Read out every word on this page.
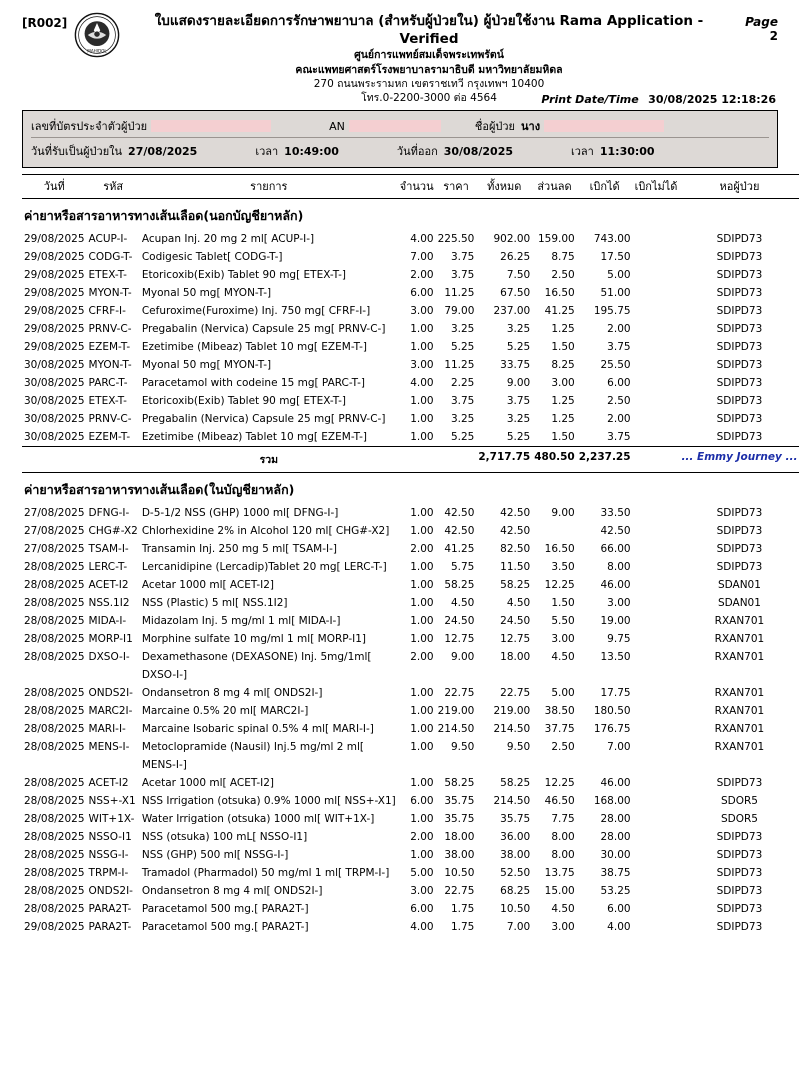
[R002]
MAHIDOL
ใบแสดงรายละเอียดการรักษาพยาบาล (สำหรับผู้ป่วยใน) ผู้ป่วยใช้งาน Rama Application - Verified
ศูนย์การแพทย์สมเด็จพระเทพรัตน์
คณะแพทยศาสตร์โรงพยาบาลรามาธิบดี มหาวิทยาลัยมหิดล
270 ถนนพระรามหก เขตราชเทวี กรุงเทพฯ 10400
โทร.0-2200-3000 ต่อ 4564
Page 2
Print Date/Time 30/08/2025 12:18:26
เลขที่บัตรประจำตัวผู้ป่วย	AN	ชื่อผู้ป่วย นาง
วันที่รับเป็นผู้ป่วยใน 27/08/2025	เวลา 10:49:00	วันที่ออก 30/08/2025	เวลา 11:30:00
วันที่	รหัส	รายการ	จำนวน	ราคา	ทั้งหมด	ส่วนลด	เบิกได้	เบิกไม่ได้	หอผู้ป่วย
ค่ายาหรือสารอาหารทางเส้นเลือด(นอกบัญชียาหลัก)									
29/08/2025	ACUP-I-	Acupan Inj. 20 mg 2 ml[ ACUP-I-]	4.00	225.50	902.00	159.00	743.00		SDIPD73
29/08/2025	CODG-T-	Codigesic Tablet[ CODG-T-]	7.00	3.75	26.25	8.75	17.50		SDIPD73
29/08/2025	ETEX-T-	Etoricoxib(Exib) Tablet 90 mg[ ETEX-T-]	2.00	3.75	7.50	2.50	5.00		SDIPD73
29/08/2025	MYON-T-	Myonal 50 mg[ MYON-T-]	6.00	11.25	67.50	16.50	51.00		SDIPD73
29/08/2025	CFRF-I-	Cefuroxime(Furoxime) Inj. 750 mg[ CFRF-I-]	3.00	79.00	237.00	41.25	195.75		SDIPD73
29/08/2025	PRNV-C-	Pregabalin (Nervica) Capsule 25 mg[ PRNV-C-]	1.00	3.25	3.25	1.25	2.00		SDIPD73
29/08/2025	EZEM-T-	Ezetimibe (Mibeaz) Tablet 10 mg[ EZEM-T-]	1.00	5.25	5.25	1.50	3.75		SDIPD73
30/08/2025	MYON-T-	Myonal 50 mg[ MYON-T-]	3.00	11.25	33.75	8.25	25.50		SDIPD73
30/08/2025	PARC-T-	Paracetamol with codeine 15 mg[ PARC-T-]	4.00	2.25	9.00	3.00	6.00		SDIPD73
30/08/2025	ETEX-T-	Etoricoxib(Exib) Tablet 90 mg[ ETEX-T-]	1.00	3.75	3.75	1.25	2.50		SDIPD73
30/08/2025	PRNV-C-	Pregabalin (Nervica) Capsule 25 mg[ PRNV-C-]	1.00	3.25	3.25	1.25	2.00		SDIPD73
30/08/2025	EZEM-T-	Ezetimibe (Mibeaz) Tablet 10 mg[ EZEM-T-]	1.00	5.25	5.25	1.50	3.75		SDIPD73
		รวม			2,717.75	480.50	2,237.25		... Emmy Journey ...
ค่ายาหรือสารอาหารทางเส้นเลือด(ในบัญชียาหลัก)									
27/08/2025	DFNG-I-	D-5-1/2 NSS (GHP) 1000 ml[ DFNG-I-]	1.00	42.50	42.50	9.00	33.50		SDIPD73
27/08/2025	CHG#-X2	Chlorhexidine 2% in Alcohol 120 ml[ CHG#-X2]	1.00	42.50	42.50		42.50		SDIPD73
27/08/2025	TSAM-I-	Transamin Inj. 250 mg 5 ml[ TSAM-I-]	2.00	41.25	82.50	16.50	66.00		SDIPD73
28/08/2025	LERC-T-	Lercanidipine (Lercadip)Tablet 20 mg[ LERC-T-]	1.00	5.75	11.50	3.50	8.00		SDIPD73
28/08/2025	ACET-I2	Acetar 1000 ml[ ACET-I2]	1.00	58.25	58.25	12.25	46.00		SDAN01
28/08/2025	NSS.1I2	NSS (Plastic) 5 ml[ NSS.1I2]	1.00	4.50	4.50	1.50	3.00		SDAN01
28/08/2025	MIDA-I-	Midazolam Inj. 5 mg/ml 1 ml[ MIDA-I-]	1.00	24.50	24.50	5.50	19.00		RXAN701
28/08/2025	MORP-I1	Morphine sulfate 10 mg/ml 1 ml[ MORP-I1]	1.00	12.75	12.75	3.00	9.75		RXAN701
28/08/2025	DXSO-I-	Dexamethasone (DEXASONE) Inj. 5mg/1ml[	2.00	9.00	18.00	4.50	13.50		RXAN701
		DXSO-I-]							
28/08/2025	ONDS2I-	Ondansetron 8 mg 4 ml[ ONDS2I-]	1.00	22.75	22.75	5.00	17.75		RXAN701
28/08/2025	MARC2I-	Marcaine 0.5% 20 ml[ MARC2I-]	1.00	219.00	219.00	38.50	180.50		RXAN701
28/08/2025	MARI-I-	Marcaine Isobaric spinal 0.5% 4 ml[ MARI-I-]	1.00	214.50	214.50	37.75	176.75		RXAN701
28/08/2025	MENS-I-	Metoclopramide (Nausil) Inj.5 mg/ml 2 ml[	1.00	9.50	9.50	2.50	7.00		RXAN701
		MENS-I-]							
28/08/2025	ACET-I2	Acetar 1000 ml[ ACET-I2]	1.00	58.25	58.25	12.25	46.00		SDIPD73
28/08/2025	NSS+-X1	NSS Irrigation (otsuka) 0.9% 1000 ml[ NSS+-X1]	6.00	35.75	214.50	46.50	168.00		SDOR5
28/08/2025	WIT+1X-	Water Irrigation (otsuka) 1000 ml[ WIT+1X-]	1.00	35.75	35.75	7.75	28.00		SDOR5
28/08/2025	NSSO-I1	NSS (otsuka) 100 mL[ NSSO-I1]	2.00	18.00	36.00	8.00	28.00		SDIPD73
28/08/2025	NSSG-I-	NSS (GHP) 500 ml[ NSSG-I-]	1.00	38.00	38.00	8.00	30.00		SDIPD73
28/08/2025	TRPM-I-	Tramadol (Pharmadol) 50 mg/ml 1 ml[ TRPM-I-]	5.00	10.50	52.50	13.75	38.75		SDIPD73
28/08/2025	ONDS2I-	Ondansetron 8 mg 4 ml[ ONDS2I-]	3.00	22.75	68.25	15.00	53.25		SDIPD73
28/08/2025	PARA2T-	Paracetamol 500 mg.[ PARA2T-]	6.00	1.75	10.50	4.50	6.00		SDIPD73
29/08/2025	PARA2T-	Paracetamol 500 mg.[ PARA2T-]	4.00	1.75	7.00	3.00	4.00		SDIPD73
